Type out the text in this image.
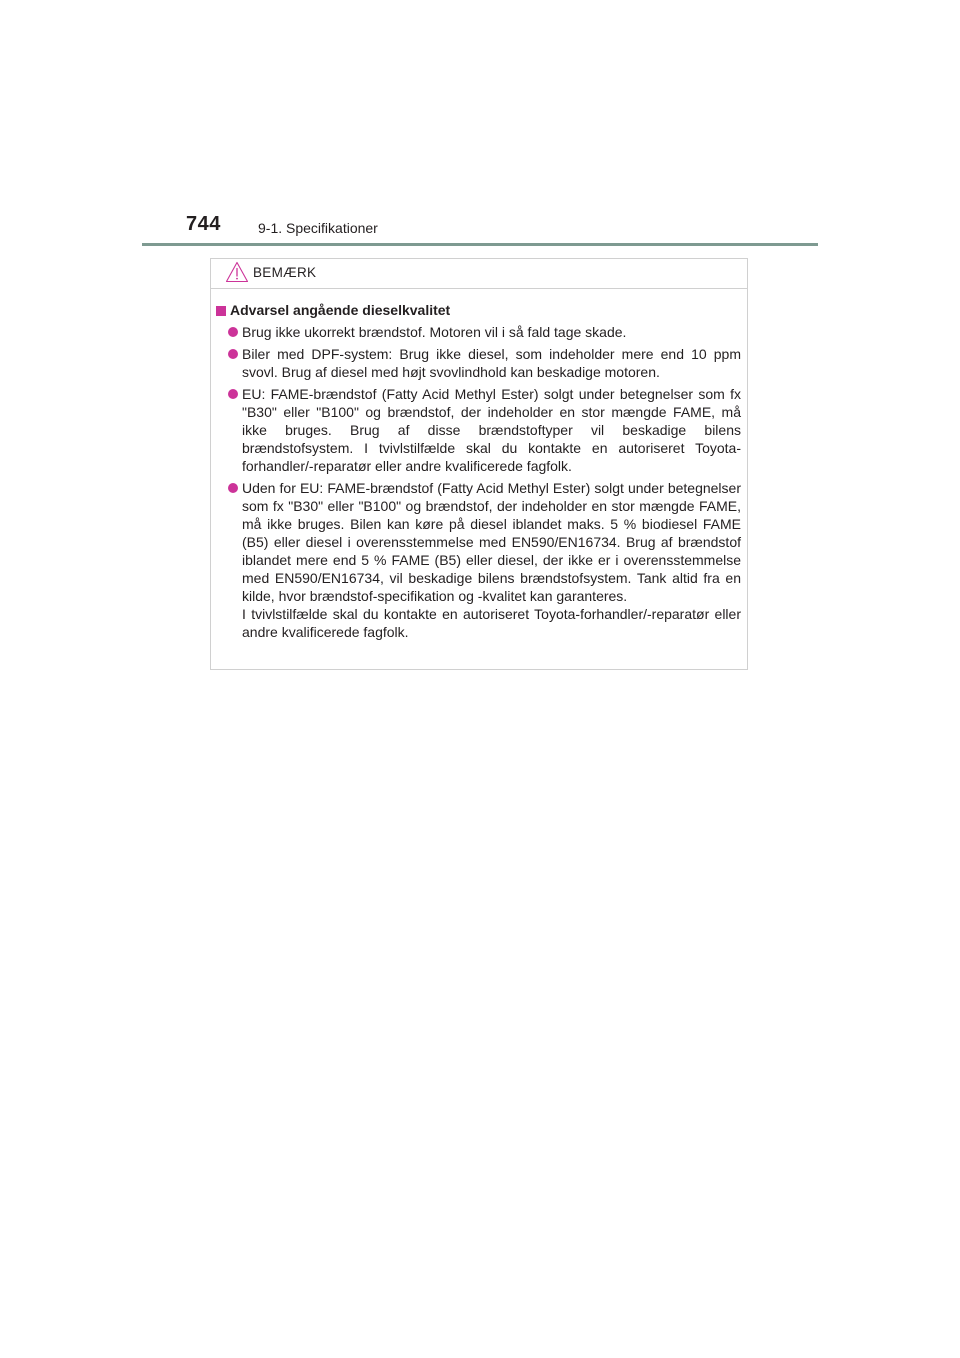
744	9-1. Specifikationer
BEMÆRK
Advarsel angående dieselkvalitet

Brug ikke ukorrekt brændstof. Motoren vil i så fald tage skade.

Biler med DPF-system: Brug ikke diesel, som indeholder mere end 10 ppm svovl. Brug af diesel med højt svovlindhold kan beskadige motoren.

EU: FAME-brændstof (Fatty Acid Methyl Ester) solgt under betegnelser som fx "B30" eller "B100" og brændstof, der indeholder en stor mængde FAME, må ikke bruges. Brug af disse brændstoftyper vil beskadige bilens brændstofsystem. I tvivlstilfælde skal du kontakte en autoriseret Toyota-forhandler/-reparatør eller andre kvalificerede fagfolk.

Uden for EU: FAME-brændstof (Fatty Acid Methyl Ester) solgt under betegnelser som fx "B30" eller "B100" og brændstof, der indeholder en stor mængde FAME, må ikke bruges. Bilen kan køre på diesel iblandet maks. 5 % biodiesel FAME (B5) eller diesel i overensstemmelse med EN590/EN16734. Brug af brændstof iblandet mere end 5 % FAME (B5) eller diesel, der ikke er i overensstemmelse med EN590/EN16734, vil beskadige bilens brændstofsystem. Tank altid fra en kilde, hvor brændstof-specifikation og -kvalitet kan garanteres.

I tvivlstilfælde skal du kontakte en autoriseret Toyota-forhandler/-reparatør eller andre kvalificerede fagfolk.
